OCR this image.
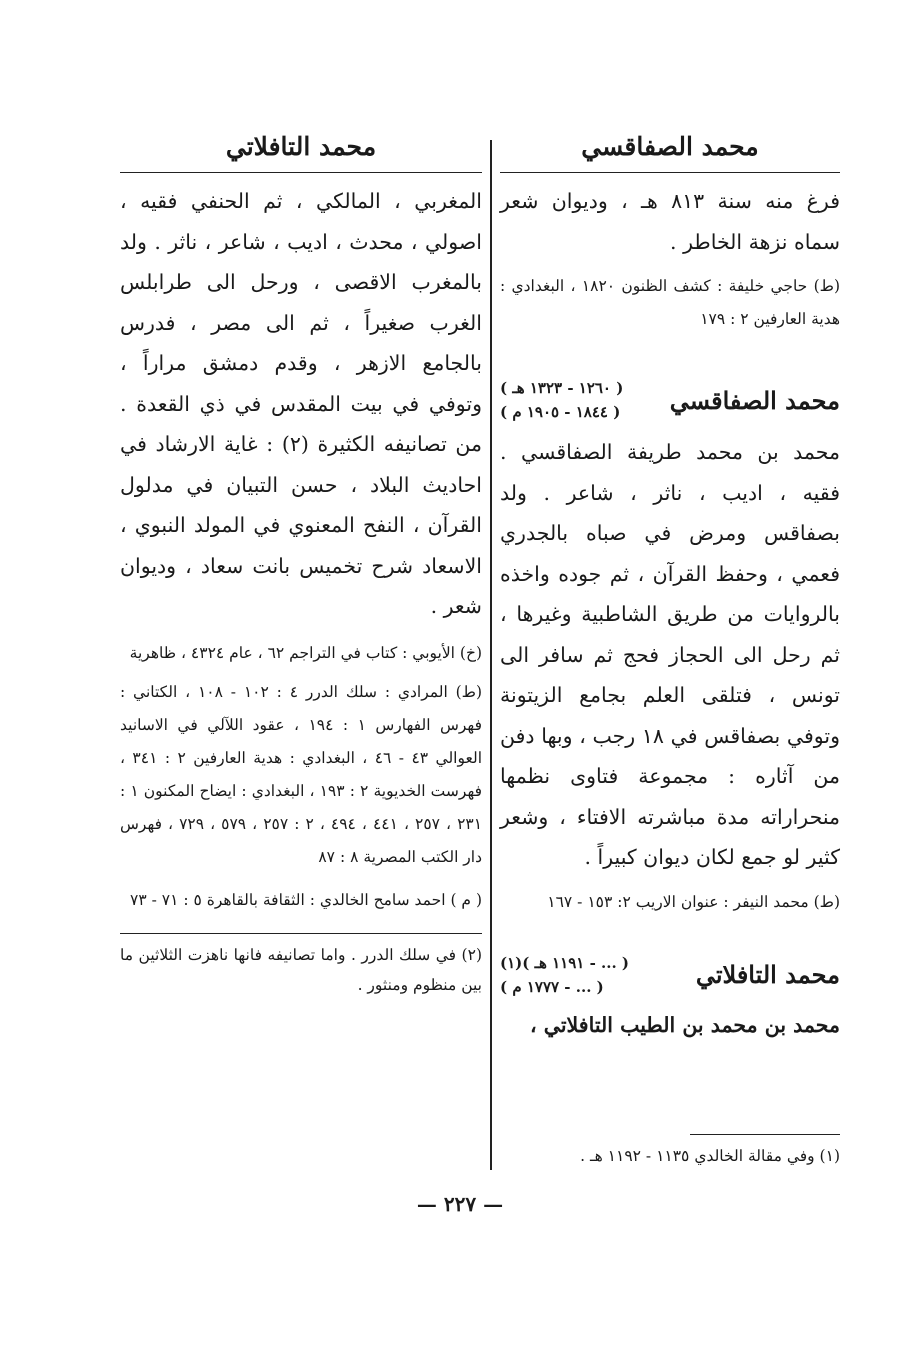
محمد الصفاقسي

فرغ منه سنة ٨١٣ هـ ، وديوان شعر سماه نزهة الخاطر .

(ط) حاجي خليفة : كشف الظنون ١٨٢٠ ، البغدادي : هدية العارفين ٢ : ١٧٩

محمد الصفاقسي
( ١٢٦٠ - ١٣٢٣ هـ )
( ١٨٤٤ - ١٩٠٥ م )

محمد بن محمد طريفة الصفاقسي . فقيه ، اديب ، ناثر ، شاعر . ولد بصفاقس ومرض في صباه بالجدري فعمي ، وحفظ القرآن ، ثم جوده واخذه بالروايات من طريق الشاطبية وغيرها ، ثم رحل الى الحجاز فحج ثم سافر الى تونس ، فتلقى العلم بجامع الزيتونة وتوفي بصفاقس في ١٨ رجب ، وبها دفن من آثاره : مجموعة فتاوى نظمها منحراراته مدة مباشرته الافتاء ، وشعر كثير لو جمع لكان ديوان كبيراً .

(ط) محمد النيفر : عنوان الاريب ٢: ١٥٣ - ١٦٧

محمد التافلاتي
( ... - ١١٩١ هـ )(١)
( ... - ١٧٧٧ م )

محمد بن محمد بن الطيب التافلاتي ،

(١) وفي مقالة الخالدي ١١٣٥ - ١١٩٢ هـ .

محمد التافلاتي

المغربي ، المالكي ، ثم الحنفي فقيه ، اصولي ، محدث ، اديب ، شاعر ، ناثر . ولد بالمغرب الاقصى ، ورحل الى طرابلس الغرب صغيراً ، ثم الى مصر ، فدرس بالجامع الازهر ، وقدم دمشق مراراً ، وتوفي في بيت المقدس في ذي القعدة . من تصانيفه الكثيرة (٢) : غاية الارشاد في احاديث البلاد ، حسن التبيان في مدلول القرآن ، النفح المعنوي في المولد النبوي ، الاسعاد شرح تخميس بانت سعاد ، وديوان شعر .

(خ) الأيوبي : كتاب في التراجم ٦٢ ، عام ٤٣٢٤ ، ظاهرية

(ط) المرادي : سلك الدرر ٤ : ١٠٢ - ١٠٨ ، الكتاني : فهرس الفهارس ١ : ١٩٤ ، عقود اللآلي في الاسانيد العوالي ٤٣ - ٤٦ ، البغدادي : هدية العارفين ٢ : ٣٤١ ، فهرست الخديوية ٢ : ١٩٣ ، البغدادي : ايضاح المكنون ١ : ٢٣١ ، ٢٥٧ ، ٤٤١ ، ٤٩٤ ، ٢ : ٢٥٧ ، ٥٧٩ ، ٧٢٩ ، فهرس دار الكتب المصرية ٨ : ٨٧

( م ) احمد سامح الخالدي : الثقافة بالقاهرة ٥ : ٧١ - ٧٣

(٢) في سلك الدرر . واما تصانيفه فانها ناهزت الثلاثين ما بين منظوم ومنثور .

— ٢٢٧ —
